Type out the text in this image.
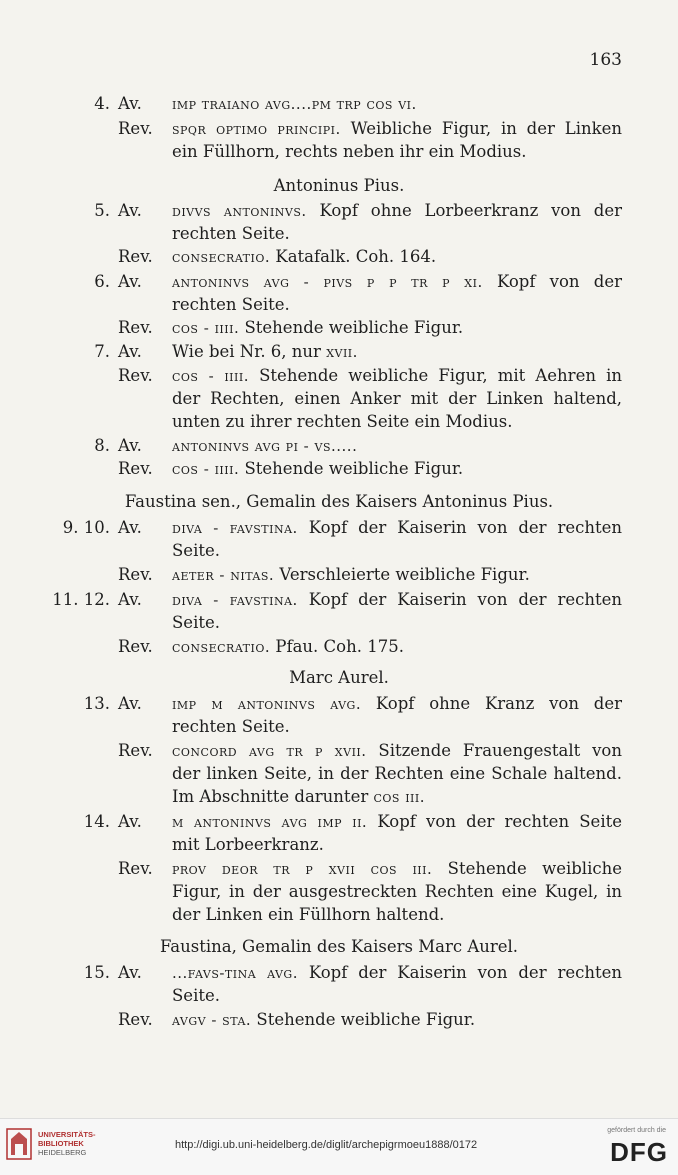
163
4. Av. imp traiano avg....pm trp cos vi.
Rev. spqr optimo principi. Weibliche Figur, in der Linken
ein Füllhorn, rechts neben ihr ein Modius.
Antoninus Pius.
5. Av. divvs antoninvs. Kopf ohne Lorbeerkranz von der
rechten Seite.
Rev. consecratio. Katafalk. Coh. 164.
6. Av. antoninvs avg - pivs p p tr p xi. Kopf von der
rechten Seite.
Rev. cos - iiii. Stehende weibliche Figur.
7. Av. Wie bei Nr. 6, nur xvii.
Rev. cos - iiii. Stehende weibliche Figur, mit Aehren in
der Rechten, einen Anker mit der Linken haltend,
unten zu ihrer rechten Seite ein Modius.
8. Av. antoninvs avg pi - vs.....
Rev. cos - iiii. Stehende weibliche Figur.
Faustina sen., Gemalin des Kaisers Antoninus Pius.
9. 10. Av. diva - favstina. Kopf der Kaiserin von der rechten
Seite.
Rev. aeter - nitas. Verschleierte weibliche Figur.
11. 12. Av. diva - favstina. Kopf der Kaiserin von der rechten
Seite.
Rev. consecratio. Pfau. Coh. 175.
Marc Aurel.
13. Av. imp m antoninvs avg. Kopf ohne Kranz von der
rechten Seite.
Rev. concord avg tr p xvii. Sitzende Frauengestalt von
der linken Seite, in der Rechten eine Schale haltend.
Im Abschnitte darunter cos iii.
14. Av. m antoninvs avg imp ii. Kopf von der rechten Seite
mit Lorbeerkranz.
Rev. prov deor tr p xvii cos iii. Stehende weibliche
Figur, in der ausgestreckten Rechten eine Kugel, in
der Linken ein Füllhorn haltend.
Faustina, Gemalin des Kaisers Marc Aurel.
15. Av. ...favs-tina avg. Kopf der Kaiserin von der rechten
Seite.
Rev. avgv - sta. Stehende weibliche Figur.
UNIVERSITÄTS-
BIBLIOTHEK
HEIDELBERG
http://digi.ub.uni-heidelberg.de/diglit/archepigrmoeu1888/0172
gefördert durch die
DFG
